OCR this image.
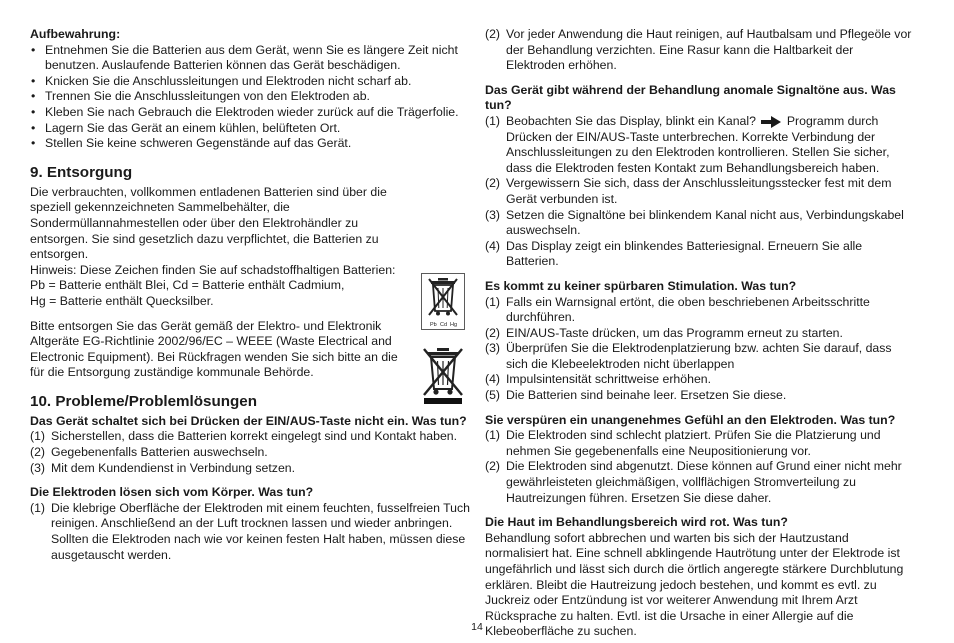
Aufbewahrung:
• Entnehmen Sie die Batterien aus dem Gerät, wenn Sie es längere Zeit nicht benutzen. Auslaufende Batterien können das Gerät beschädigen.
• Knicken Sie die Anschlussleitungen und Elektroden nicht scharf ab.
• Trennen Sie die Anschlussleitungen von den Elektroden ab.
• Kleben Sie nach Gebrauch die Elektroden wieder zurück auf die Trägerfolie.
• Lagern Sie das Gerät an einem kühlen, belüfteten Ort.
• Stellen Sie keine schweren Gegenstände auf das Gerät.
9. Entsorgung

Die verbrauchten, vollkommen entladenen Batterien sind über die speziell gekennzeichneten Sammelbehälter, die Sondermüllannahmestellen oder über den Elektrohändler zu entsorgen. Sie sind gesetzlich dazu verpflichtet, die Batterien zu entsorgen.

Hinweis: Diese Zeichen finden Sie auf schadstoffhaltigen Batterien:

Pb = Batterie enthält Blei, Cd = Batterie enthält Cadmium,

Hg = Batterie enthält Quecksilber.

Bitte entsorgen Sie das Gerät gemäß der Elektro- und Elektronik Altgeräte EG-Richtlinie 2002/96/EC – WEEE (Waste Electrical and Electronic Equipment). Bei Rückfragen wenden Sie sich bitte an die für die Entsorgung zuständige kommunale Behörde.

10. Probleme/Problemlösungen
Das Gerät schaltet sich bei Drücken der EIN/AUS-Taste nicht ein. Was tun?
(1) Sicherstellen, dass die Batterien korrekt eingelegt sind und Kontakt haben.
(2) Gegebenenfalls Batterien auswechseln.
(3) Mit dem Kundendienst in Verbindung setzen.
Die Elektroden lösen sich vom Körper. Was tun?
(1) Die klebrige Oberfläche der Elektroden mit einem feuchten, fusselfreien Tuch reinigen. Anschließend an der Luft trocknen lassen und wieder anbringen. Sollten die Elektroden nach wie vor keinen festen Halt haben, müssen diese ausgetauscht werden.
Pb Cd Hg
(2) Vor jeder Anwendung die Haut reinigen, auf Hautbalsam und Pflegeöle vor der Behandlung verzichten. Eine Rasur kann die Haltbarkeit der Elektroden erhöhen.
Das Gerät gibt während der Behandlung anomale Signaltöne aus. Was tun?
(1) Beobachten Sie das Display, blinkt ein Kanal?	Programm durch Drücken der EIN/AUS-Taste unterbrechen. Korrekte Verbindung der Anschlussleitungen zu den Elektroden kontrollieren. Stellen Sie sicher, dass die Elektroden festen Kontakt zum Behandlungsbereich haben.
(2) Vergewissern Sie sich, dass der Anschlussleitungsstecker fest mit dem Gerät verbunden ist.
(3) Setzen die Signaltöne bei blinkendem Kanal nicht aus, Verbindungskabel auswechseln.
(4) Das Display zeigt ein blinkendes Batteriesignal. Erneuern Sie alle Batterien.
Es kommt zu keiner spürbaren Stimulation. Was tun?
(1) Falls ein Warnsignal ertönt, die oben beschriebenen Arbeitsschritte durchführen.
(2) EIN/AUS-Taste drücken, um das Programm erneut zu starten.
(3) Überprüfen Sie die Elektrodenplatzierung bzw. achten Sie darauf, dass sich die Klebeelektroden nicht überlappen
(4) Impulsintensität schrittweise erhöhen.
(5) Die Batterien sind beinahe leer. Ersetzen Sie diese.
Sie verspüren ein unangenehmes Gefühl an den Elektroden. Was tun?
(1) Die Elektroden sind schlecht platziert. Prüfen Sie die Platzierung und nehmen Sie gegebenenfalls eine Neupositionierung vor.
(2) Die Elektroden sind abgenutzt. Diese können auf Grund einer nicht mehr gewährleisteten gleichmäßigen, vollflächigen Stromverteilung zu Hautreizungen führen. Ersetzen Sie diese daher.
Die Haut im Behandlungsbereich wird rot. Was tun?

Behandlung sofort abbrechen und warten bis sich der Hautzustand normalisiert hat. Eine schnell abklingende Hautrötung unter der Elektrode ist ungefährlich und lässt sich durch die örtlich angeregte stärkere Durchblutung erklären. Bleibt die Hautreizung jedoch bestehen, und kommt es evtl. zu Juckreiz oder Entzündung ist vor weiterer Anwendung mit Ihrem Arzt Rücksprache zu halten. Evtl. ist die Ursache in einer Allergie auf die Klebeoberfläche zu suchen.

14
